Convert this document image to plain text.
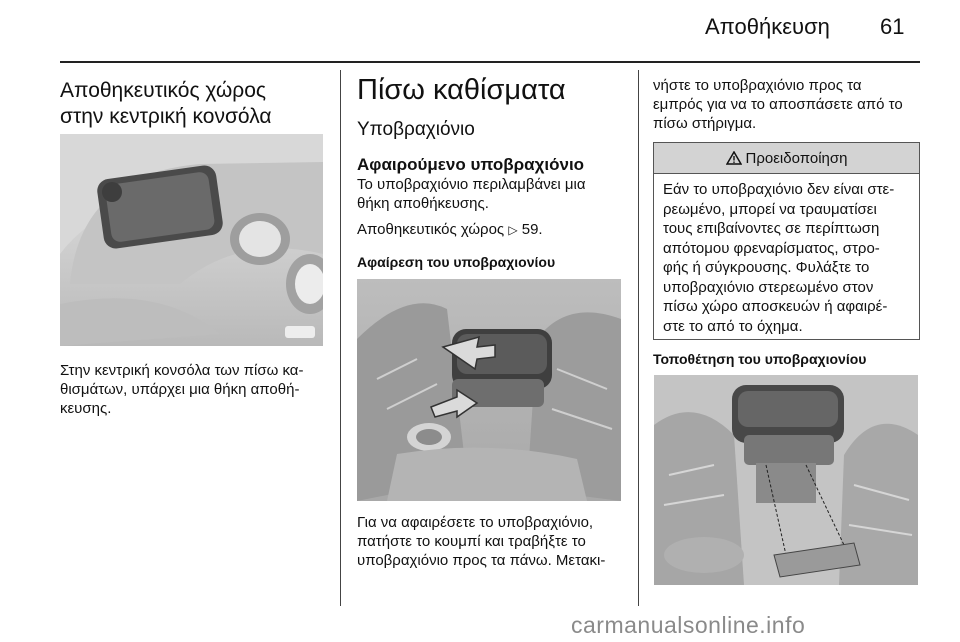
Αποθήκευση 61
Αποθηκευτικός χώρος
στην κεντρική κονσόλα
Στην κεντρική κονσόλα των πίσω κα-
θισμάτων, υπάρχει μια θήκη αποθή-
κευσης.
Πίσω καθίσματα
Υποβραχιόνιο
Αφαιρούμενο υποβραχιόνιο
Το υποβραχιόνιο περιλαμβάνει μια
θήκη αποθήκευσης.
Αποθηκευτικός χώρος ▷ 59.
Αφαίρεση του υποβραχιονίου
Για να αφαιρέσετε το υποβραχιόνιο,
πατήστε το κουμπί και τραβήξτε το
υποβραχιόνιο προς τα πάνω. Μετακι-
νήστε το υποβραχιόνιο προς τα
εμπρός για να το αποσπάσετε από το
πίσω στήριγμα.
Προειδοποίηση
Εάν το υποβραχιόνιο δεν είναι στε-
ρεωμένο, μπορεί να τραυματίσει
τους επιβαίνοντες σε περίπτωση
απότομου φρεναρίσματος, στρο-
φής ή σύγκρουσης. Φυλάξτε το
υποβραχιόνιο στερεωμένο στον
πίσω χώρο αποσκευών ή αφαιρέ-
στε το από το όχημα.
Τοποθέτηση του υποβραχιονίου
carmanualsonline.info
